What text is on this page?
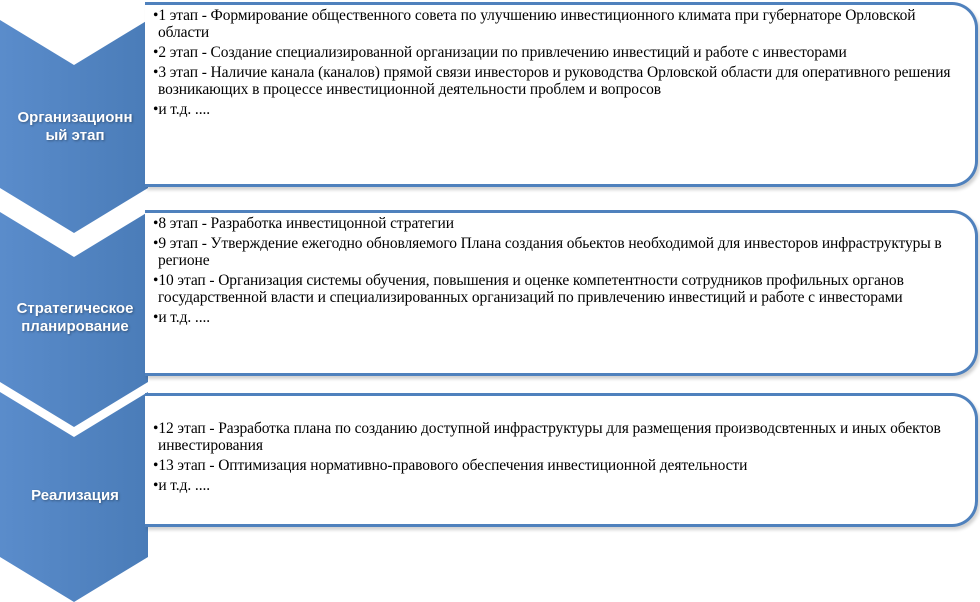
Организационн
ый этап
• 1 этап - Формирование общественного совета по улучшению инвестиционного климата при губернаторе Орловской области
• 2 этап - Создание специализированной организации по привлечению инвестиций и работе с инвесторами
• 3 этап - Наличие канала (каналов) прямой связи инвесторов и руководства Орловской области для оперативного решения возникающих в процессе инвестиционной деятельности проблем и вопросов
• и т.д. ....
Стратегическое
планирование
• 8 этап - Разработка инвестицонной стратегии
• 9 этап - Утверждение ежегодно обновляемого Плана создания обьектов необходимой для инвесторов инфраструктуры в регионе
• 10 этап - Организация системы обучения, повышения и оценке компетентности сотрудников профильных органов государственной власти и специализированных организаций по привлечению инвестиций и работе с инвесторами
• и т.д. ....
Реализация
• 12 этап - Разработка плана по созданию доступной инфраструктуры для размещения производсвтенных и иных обектов инвестирования
• 13 этап - Оптимизация нормативно-правового обеспечения инвестиционной деятельности
• и т.д. ....
